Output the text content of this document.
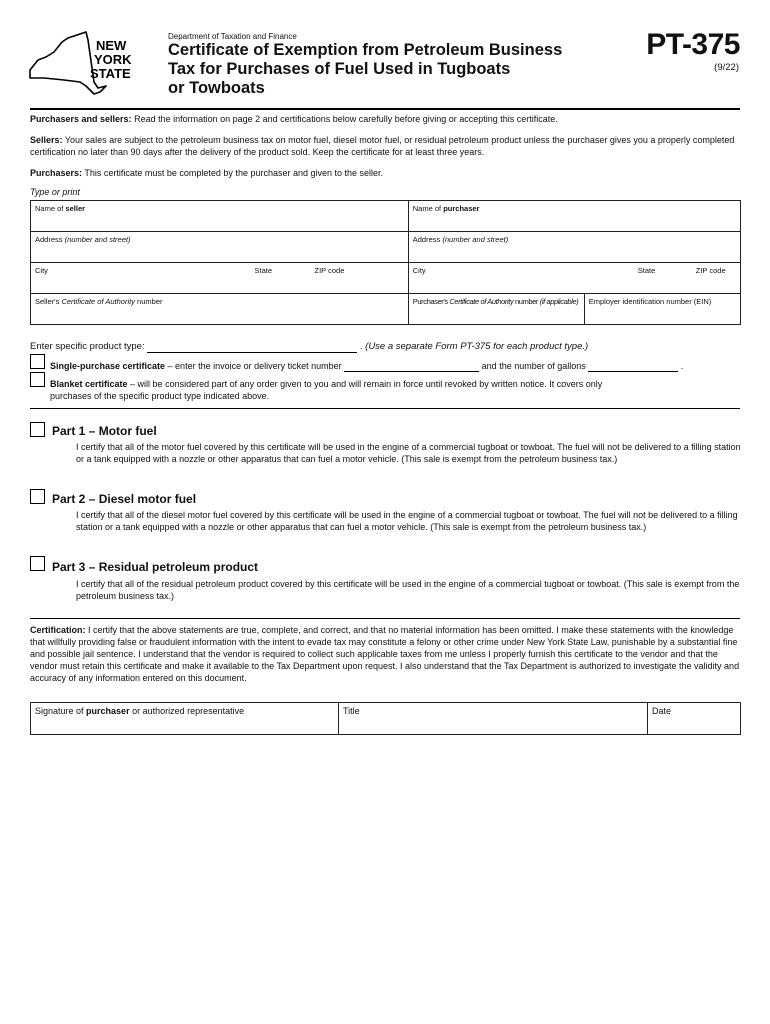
NEW
YORK
STATE
Department of Taxation and Finance
Certificate of Exemption from Petroleum Business
Tax for Purchases of Fuel Used in Tugboats
or Towboats
PT-375
(9/22)
Purchasers and sellers: Read the information on page 2 and certifications below carefully before giving or accepting this certificate.
Sellers: Your sales are subject to the petroleum business tax on motor fuel, diesel motor fuel, or residual petroleum product unless the purchaser gives you a properly completed certification no later than 90 days after the delivery of the product sold. Keep the certificate for at least three years.
Purchasers: This certificate must be completed by the purchaser and given to the seller.
Type or print
Name of seller			Name of purchaser			
Address (number and street)			Address (number and street)			
City	State	ZIP code	City		State	ZIP code
Seller's Certificate of Authority number			Purchaser's Certificate of Authority number (if applicable)	Employer identification number (EIN)		
Enter specific product type:	. (Use a separate Form PT-375 for each product type.)
Single-purchase certificate – enter the invoice or delivery ticket number	and the number of gallons	.
Blanket certificate – will be considered part of any order given to you and will remain in force until revoked by written notice. It covers only
purchases of the specific product type indicated above.
Part 1 – Motor fuel
I certify that all of the motor fuel covered by this certificate will be used in the engine of a commercial tugboat or towboat. The fuel will not be delivered to a filling station or a tank equipped with a nozzle or other apparatus that can fuel a motor vehicle. (This sale is exempt from the petroleum business tax.)
Part 2 – Diesel motor fuel
I certify that all of the diesel motor fuel covered by this certificate will be used in the engine of a commercial tugboat or towboat. The fuel will not be delivered to a filling station or a tank equipped with a nozzle or other apparatus that can fuel a motor vehicle. (This sale is exempt from the petroleum business tax.)
Part 3 – Residual petroleum product
I certify that all of the residual petroleum product covered by this certificate will be used in the engine of a commercial tugboat or towboat. (This sale is exempt from the petroleum business tax.)
Certification: I certify that the above statements are true, complete, and correct, and that no material information has been omitted. I make these statements with the knowledge that willfully providing false or fraudulent information with the intent to evade tax may constitute a felony or other crime under New York State Law, punishable by a substantial fine and possible jail sentence. I understand that the vendor is required to collect such applicable taxes from me unless I properly furnish this certificate to the vendor and that the vendor must retain this certificate and make it available to the Tax Department upon request. I also understand that the Tax Department is authorized to investigate the validity and accuracy of any information entered on this document.
Signature of purchaser or authorized representative	Title	Date
